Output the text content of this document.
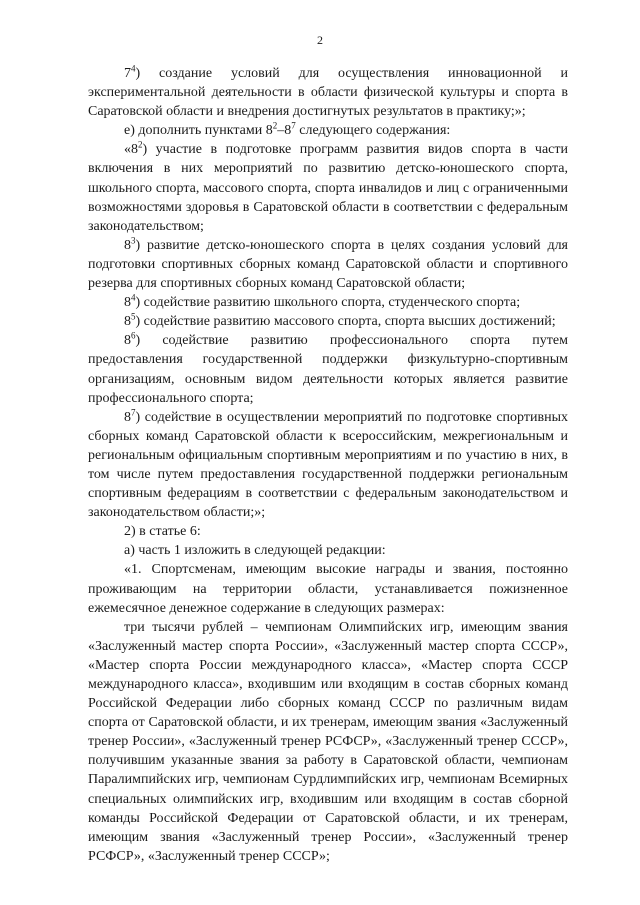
2

$7^4$) создание условий для осуществления инновационной и экспериментальной деятельности в области физической культуры и спорта в Саратовской области и внедрения достигнутых результатов в практику;»;

е) дополнить пунктами $8^2-8^7$ следующего содержания:

«$8^2$) участие в подготовке программ развития видов спорта в части включения в них мероприятий по развитию детско-юношеского спорта, школьного спорта, массового спорта, спорта инвалидов и лиц с ограниченными возможностями здоровья в Саратовской области в соответствии с федеральным законодательством;

$8^3$) развитие детско-юношеского спорта в целях создания условий для подготовки спортивных сборных команд Саратовской области и спортивного резерва для спортивных сборных команд Саратовской области;

$8^4$) содействие развитию школьного спорта, студенческого спорта;

$8^5$) содействие развитию массового спорта, спорта высших достижений;

$8^6$) содействие развитию профессионального спорта путем предоставления государственной поддержки физкультурно-спортивным организациям, основным видом деятельности которых является развитие профессионального спорта;

$8^7$) содействие в осуществлении мероприятий по подготовке спортивных сборных команд Саратовской области к всероссийским, межрегиональным и региональным официальным спортивным мероприятиям и по участию в них, в том числе путем предоставления государственной поддержки региональным спортивным федерациям в соответствии с федеральным законодательством и законодательством области;»;

2) в статье 6:

а) часть 1 изложить в следующей редакции:

«1. Спортсменам, имеющим высокие награды и звания, постоянно проживающим на территории области, устанавливается пожизненное ежемесячное денежное содержание в следующих размерах:

три тысячи рублей – чемпионам Олимпийских игр, имеющим звания «Заслуженный мастер спорта России», «Заслуженный мастер спорта СССР», «Мастер спорта России международного класса», «Мастер спорта СССР международного класса», входившим или входящим в состав сборных команд Российской Федерации либо сборных команд СССР по различным видам спорта от Саратовской области, и их тренерам, имеющим звания «Заслуженный тренер России», «Заслуженный тренер РСФСР», «Заслуженный тренер СССР», получившим указанные звания за работу в Саратовской области, чемпионам Паралимпийских игр, чемпионам Сурдлимпийских игр, чемпионам Всемирных специальных олимпийских игр, входившим или входящим в состав сборной команды Российской Федерации от Саратовской области, и их тренерам, имеющим звания «Заслуженный тренер России», «Заслуженный тренер РСФСР», «Заслуженный тренер СССР»;
